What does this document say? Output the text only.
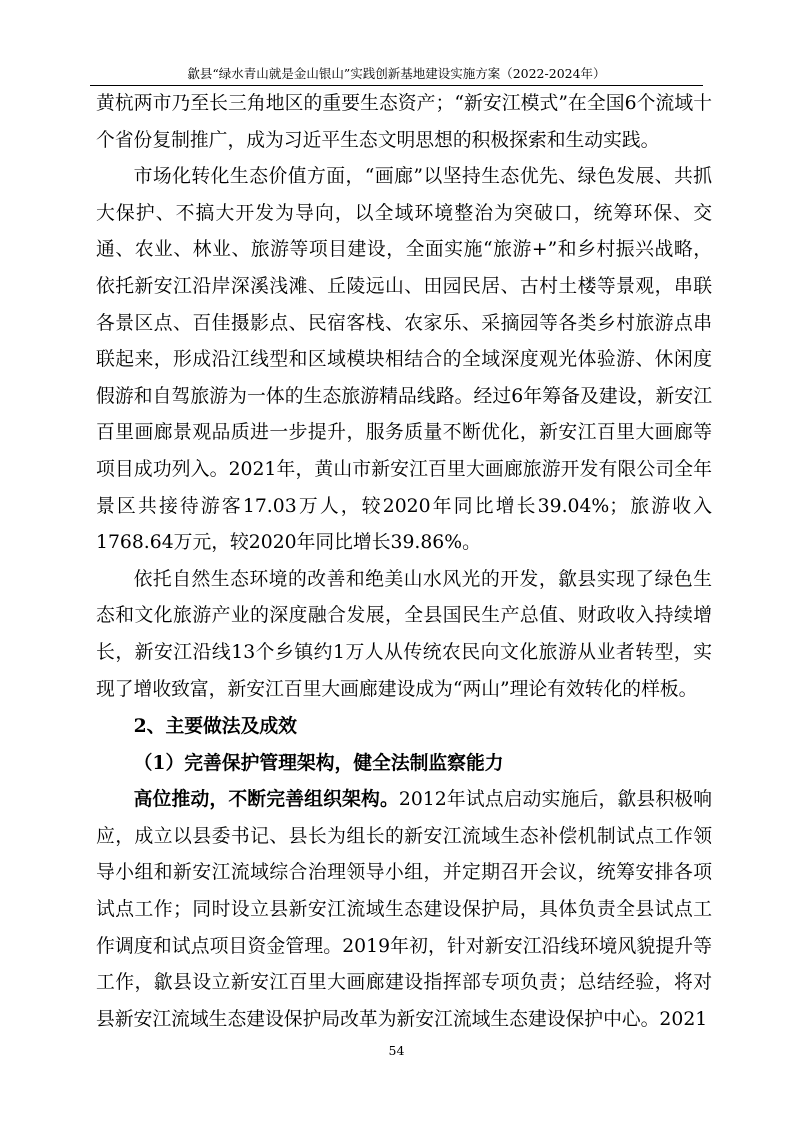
歙县“绿水青山就是金山银山”实践创新基地建设实施方案（2022-2024年）

黄杭两市乃至长三角地区的重要生态资产；“新安江模式”在全国6个流域十个省份复制推广，成为习近平生态文明思想的积极探索和生动实践。

市场化转化生态价值方面，“画廊”以坚持生态优先、绿色发展、共抓大保护、不搞大开发为导向，以全域环境整治为突破口，统筹环保、交通、农业、林业、旅游等项目建设，全面实施“旅游+”和乡村振兴战略，依托新安江沿岸深溪浅滩、丘陵远山、田园民居、古村土楼等景观，串联各景区点、百佳摄影点、民宿客栈、农家乐、采摘园等各类乡村旅游点串联起来，形成沿江线型和区域模块相结合的全域深度观光体验游、休闲度假游和自驾旅游为一体的生态旅游精品线路。经过6年筹备及建设，新安江百里画廊景观品质进一步提升，服务质量不断优化，新安江百里大画廊等项目成功列入。2021年，黄山市新安江百里大画廊旅游开发有限公司全年景区共接待游客17.03万人，较2020年同比增长39.04%；旅游收入1768.64万元，较2020年同比增长39.86%。

依托自然生态环境的改善和绝美山水风光的开发，歙县实现了绿色生态和文化旅游产业的深度融合发展，全县国民生产总值、财政收入持续增长，新安江沿线13个乡镇约1万人从传统农民向文化旅游从业者转型，实现了增收致富，新安江百里大画廊建设成为“两山”理论有效转化的样板。

2、主要做法及成效

（1）完善保护管理架构，健全法制监察能力

高位推动，不断完善组织架构。2012年试点启动实施后，歙县积极响应，成立以县委书记、县长为组长的新安江流域生态补偿机制试点工作领导小组和新安江流域综合治理领导小组，并定期召开会议，统筹安排各项试点工作；同时设立县新安江流域生态建设保护局，具体负责全县试点工作调度和试点项目资金管理。2019年初，针对新安江沿线环境风貌提升等工作，歙县设立新安江百里大画廊建设指挥部专项负责；总结经验，将对县新安江流域生态建设保护局改革为新安江流域生态建设保护中心。2021

54
